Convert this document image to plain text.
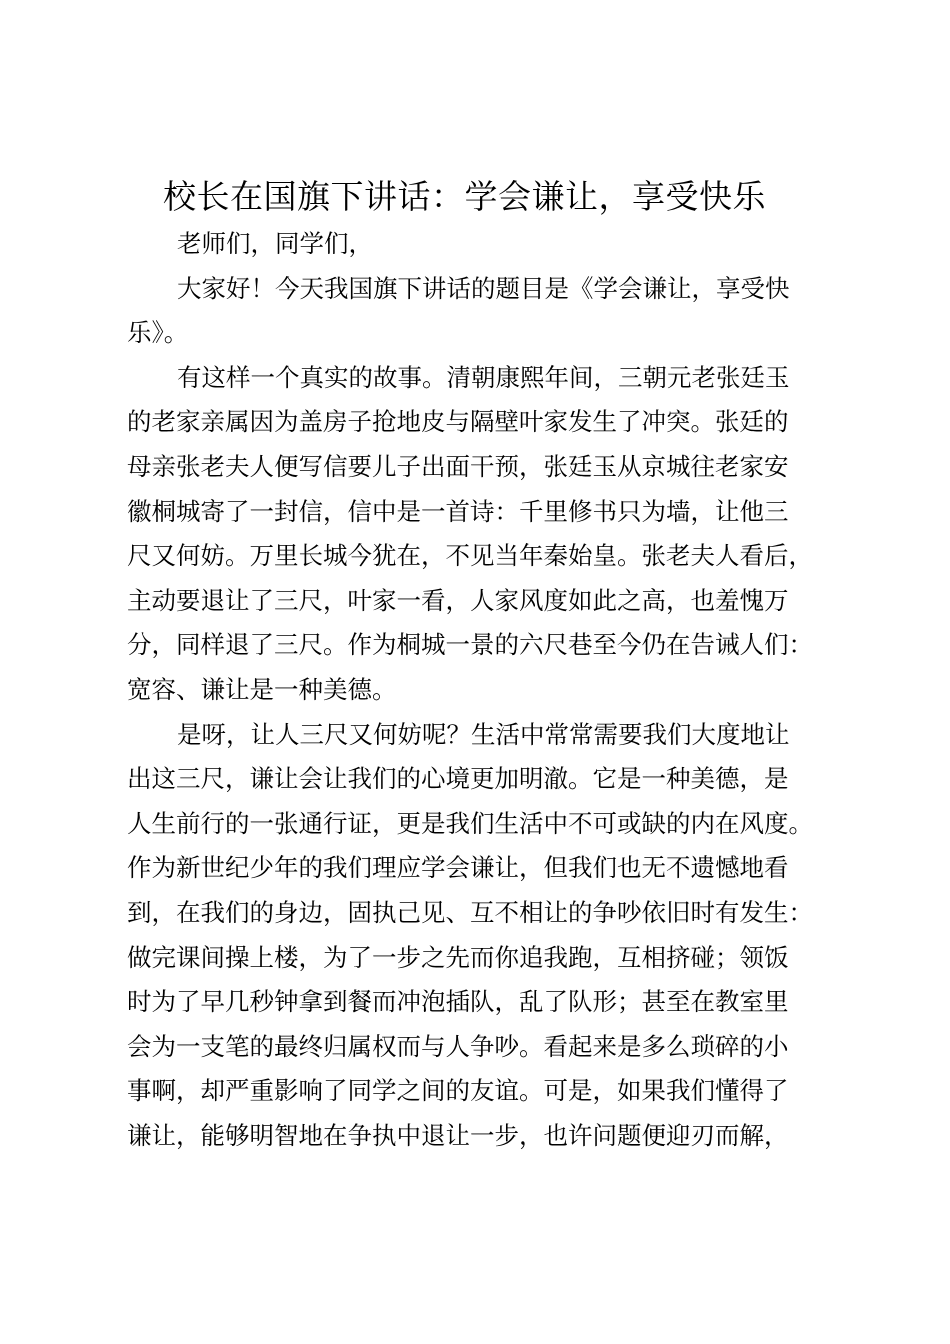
校长在国旗下讲话：学会谦让，享受快乐
老师们，同学们，
大家好！今天我国旗下讲话的题目是《学会谦让，享受快
乐》。
有这样一个真实的故事。清朝康熙年间，三朝元老张廷玉
的老家亲属因为盖房子抢地皮与隔壁叶家发生了冲突。张廷的
母亲张老夫人便写信要儿子出面干预，张廷玉从京城往老家安
徽桐城寄了一封信，信中是一首诗：千里修书只为墙，让他三
尺又何妨。万里长城今犹在，不见当年秦始皇。张老夫人看后，
主动要退让了三尺，叶家一看，人家风度如此之高，也羞愧万
分，同样退了三尺。作为桐城一景的六尺巷至今仍在告诫人们：
宽容、谦让是一种美德。
是呀，让人三尺又何妨呢？生活中常常需要我们大度地让
出这三尺，谦让会让我们的心境更加明澈。它是一种美德，是
人生前行的一张通行证，更是我们生活中不可或缺的内在风度。
作为新世纪少年的我们理应学会谦让，但我们也无不遗憾地看
到，在我们的身边，固执己见、互不相让的争吵依旧时有发生：
做完课间操上楼，为了一步之先而你追我跑，互相挤碰；领饭
时为了早几秒钟拿到餐而冲泡插队，乱了队形；甚至在教室里
会为一支笔的最终归属权而与人争吵。看起来是多么琐碎的小
事啊，却严重影响了同学之间的友谊。可是，如果我们懂得了
谦让，能够明智地在争执中退让一步，也许问题便迎刃而解，
